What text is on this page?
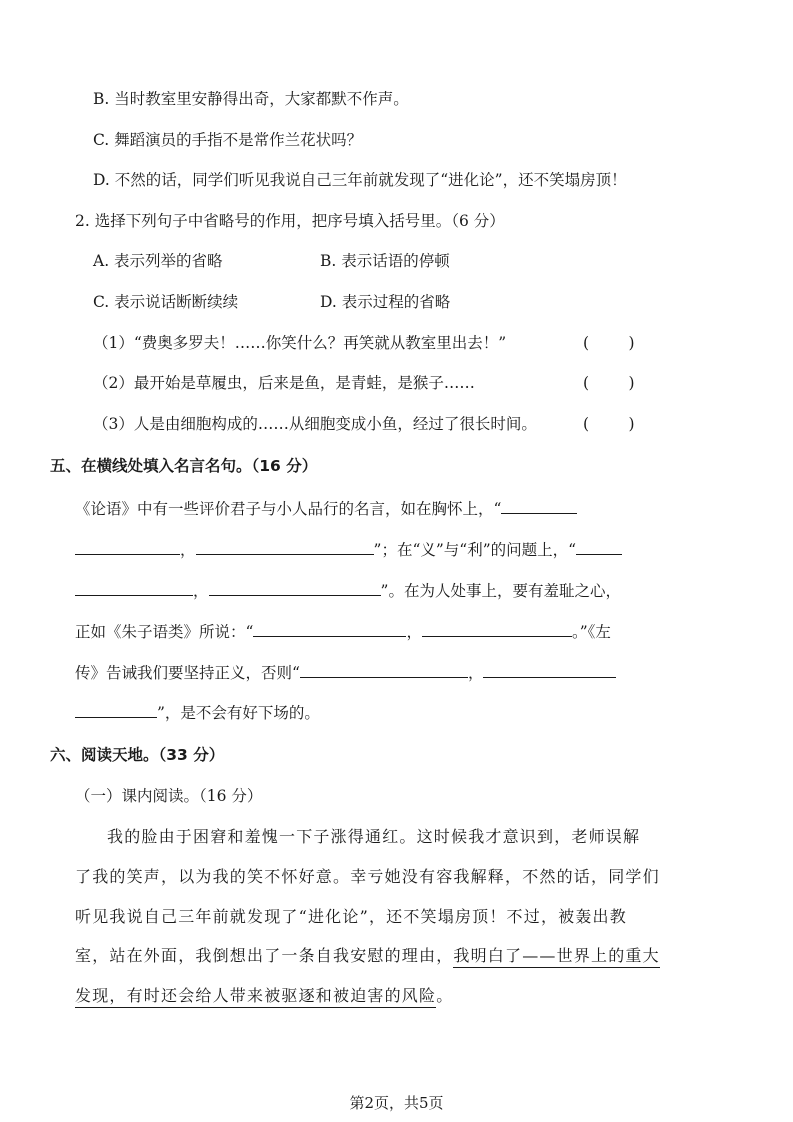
B. 当时教室里安静得出奇，大家都默不作声。
C. 舞蹈演员的手指不是常作兰花状吗？
D. 不然的话，同学们听见我说自己三年前就发现了“进化论”，还不笑塌房顶！
2. 选择下列句子中省略号的作用，把序号填入括号里。（6 分）
A. 表示列举的省略	B. 表示话语的停顿
C. 表示说话断断续续	D. 表示过程的省略
（1）“费奥多罗夫！……你笑什么？再笑就从教室里出去！”	(        )
（2）最开始是草履虫，后来是鱼，是青蛙，是猴子……	(        )
（3）人是由细胞构成的……从细胞变成小鱼，经过了很长时间。	(        )
五、在横线处填入名言名句。（16 分）
《论语》中有一些评价君子与小人品行的名言，如在胸怀上，“
，	”；在“义”与“利”的问题上，“
，	”。在为人处事上，要有羞耻之心，
正如《朱子语类》所说：“	，	。”《左
传》告诫我们要坚持正义，否则“	，
”，是不会有好下场的。
六、阅读天地。（33 分）
（一）课内阅读。（16 分）
我的脸由于困窘和羞愧一下子涨得通红。这时候我才意识到，老师误解
了我的笑声，以为我的笑不怀好意。幸亏她没有容我解释，不然的话，同学们
听见我说自己三年前就发现了“进化论”，还不笑塌房顶！不过，被轰出教
室，站在外面，我倒想出了一条自我安慰的理由，我明白了——世界上的重大
发现，有时还会给人带来被驱逐和被迫害的风险。
第2页，共5页
